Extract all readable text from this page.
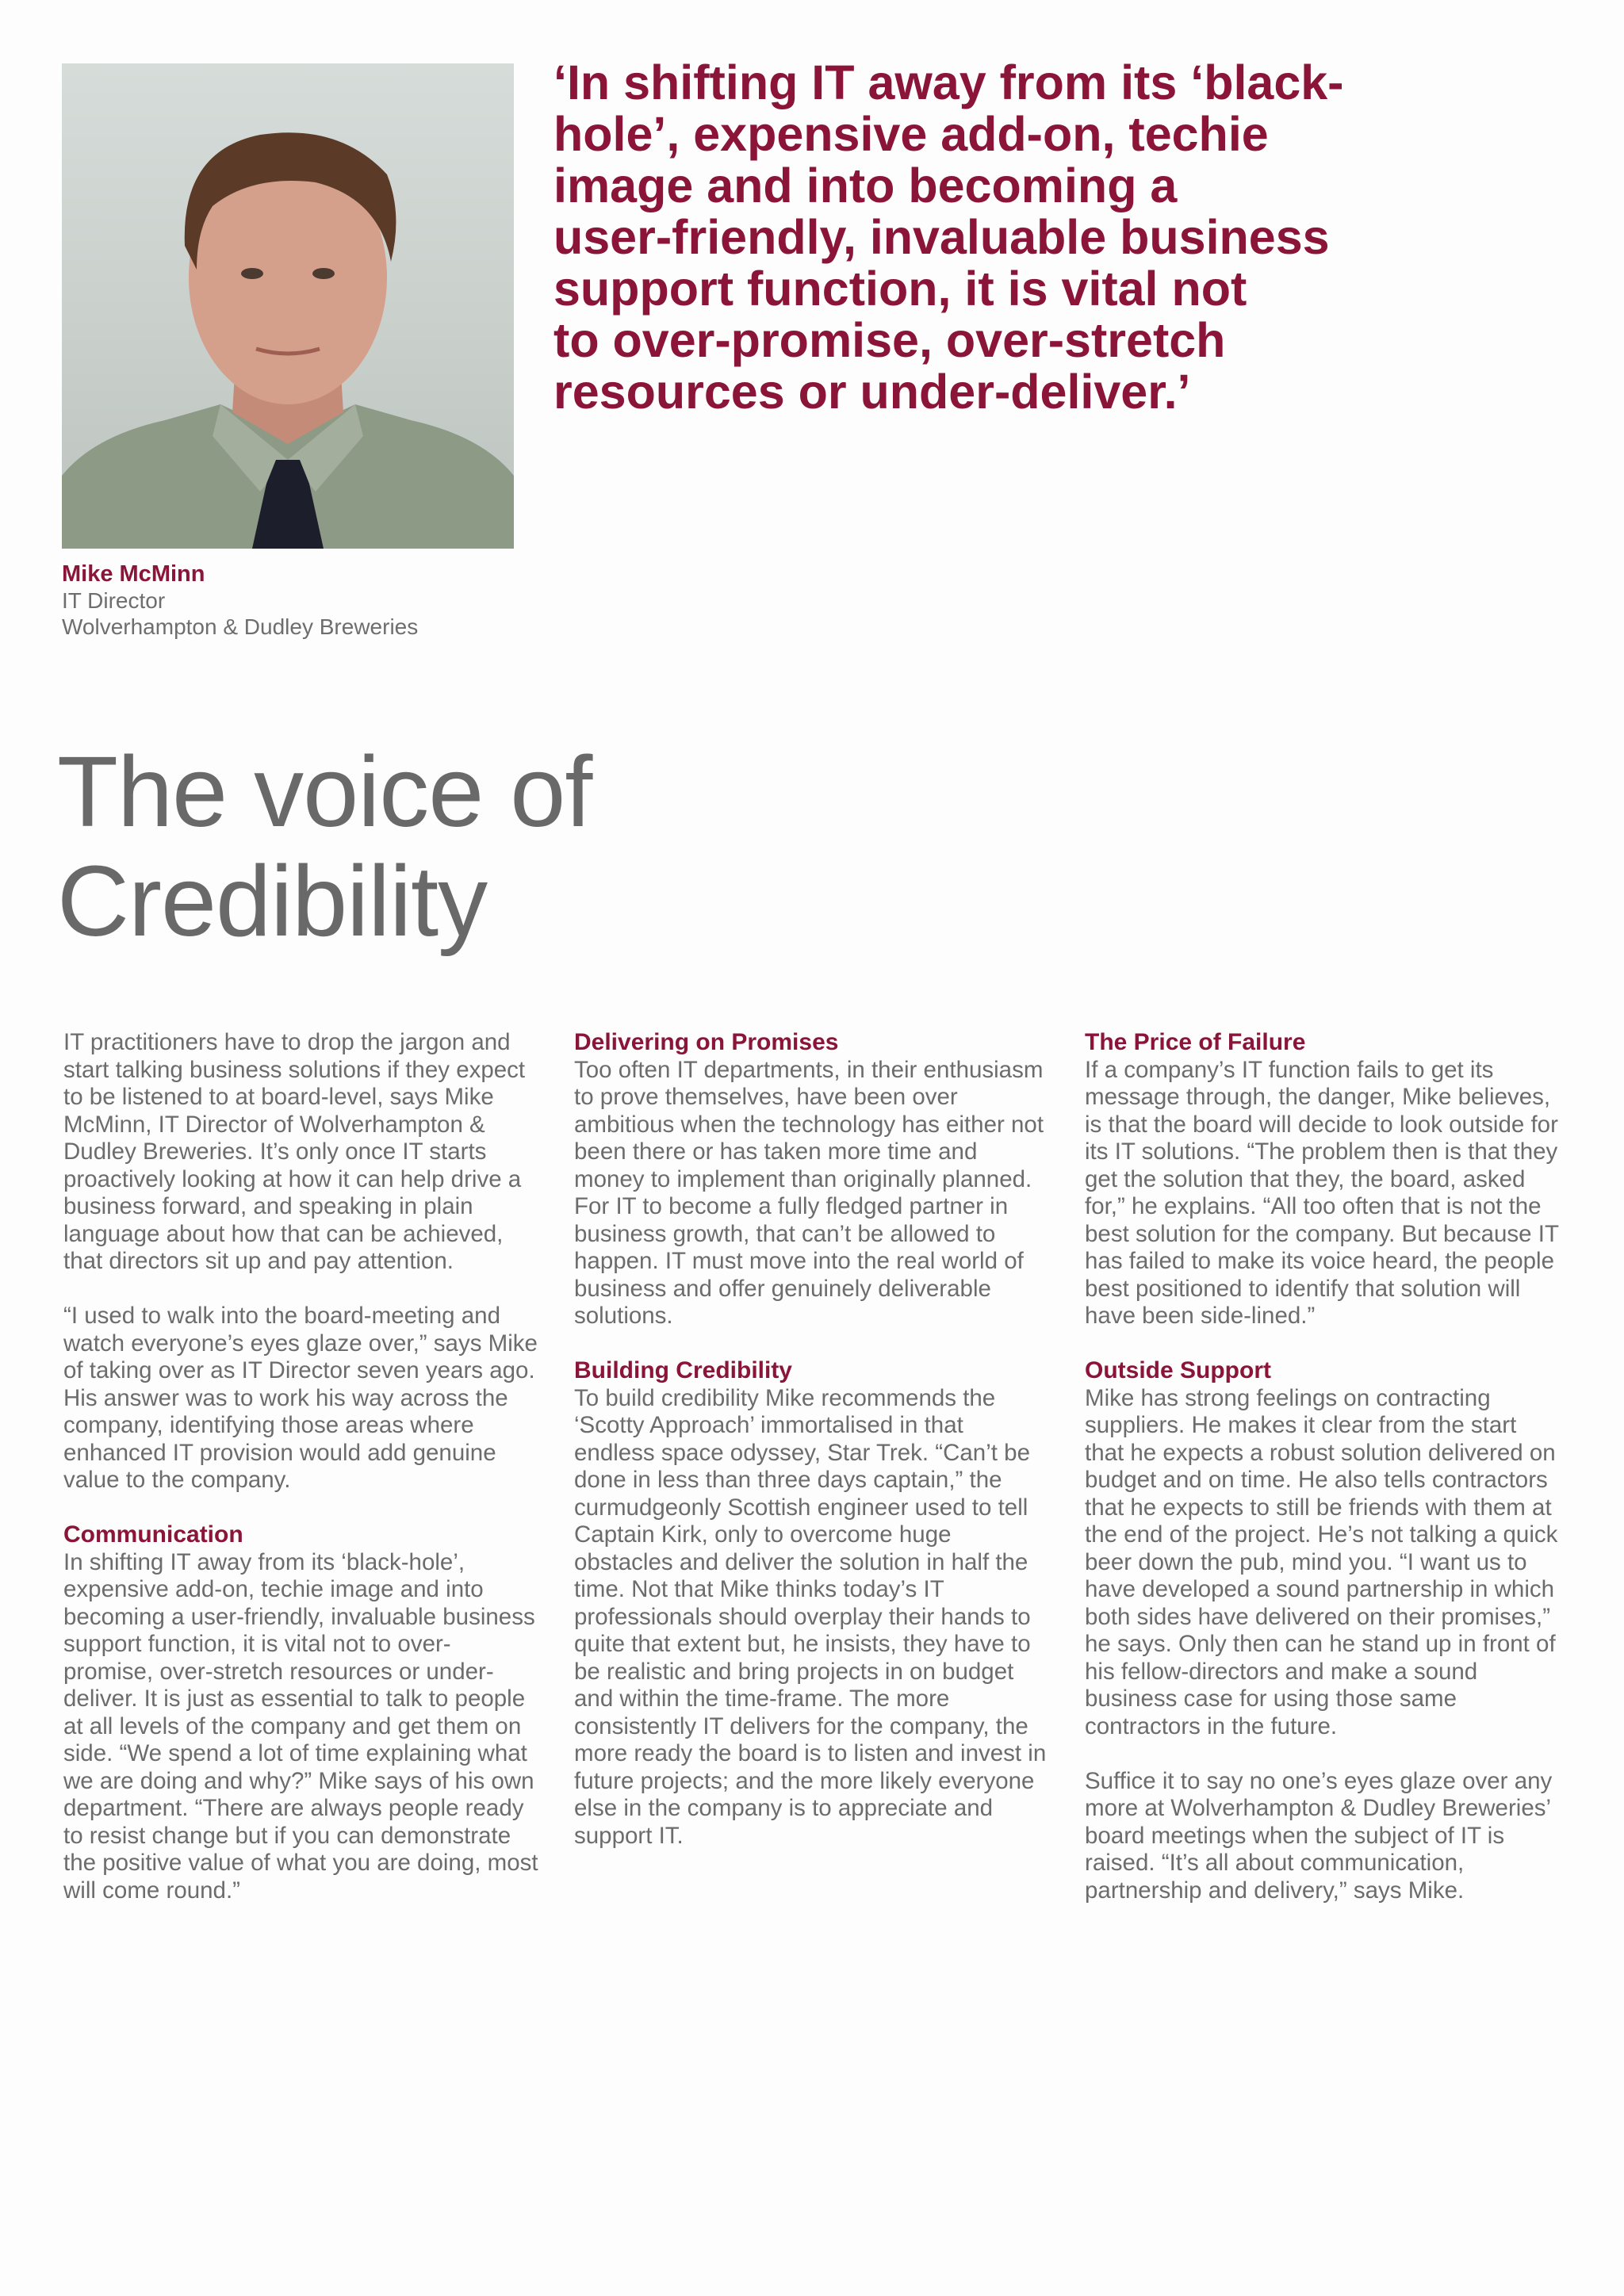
‘In shifting IT away from its ‘black-
hole’, expensive add-on, techie
image and into becoming a
user-friendly, invaluable business
support function, it is vital not
to over-promise, over-stretch
resources or under-deliver.’
Mike McMinn
IT Director
Wolverhampton & Dudley Breweries
The voice of
Credibility

IT practitioners have to drop the jargon and start talking business solutions if they expect to be listened to at board-level, says Mike McMinn, IT Director of Wolverhampton & Dudley Breweries. It’s only once IT starts proactively looking at how it can help drive a business forward, and speaking in plain language about how that can be achieved, that directors sit up and pay attention.

“I used to walk into the board-meeting and watch everyone’s eyes glaze over,” says Mike of taking over as IT Director seven years ago. His answer was to work his way across the company, identifying those areas where enhanced IT provision would add genuine value to the company.

Communication

In shifting IT away from its ‘black-hole’, expensive add-on, techie image and into becoming a user-friendly, invaluable business support function, it is vital not to over-promise, over-stretch resources or under-deliver. It is just as essential to talk to people at all levels of the company and get them on side. “We spend a lot of time explaining what we are doing and why?” Mike says of his own department. “There are always people ready to resist change but if you can demonstrate the positive value of what you are doing, most will come round.”

Delivering on Promises

Too often IT departments, in their enthusiasm to prove themselves, have been over ambitious when the technology has either not been there or has taken more time and money to implement than originally planned. For IT to become a fully fledged partner in business growth, that can’t be allowed to happen. IT must move into the real world of business and offer genuinely deliverable solutions.

Building Credibility

To build credibility Mike recommends the ‘Scotty Approach’ immortalised in that endless space odyssey, Star Trek. “Can’t be done in less than three days captain,” the curmudgeonly Scottish engineer used to tell Captain Kirk, only to overcome huge obstacles and deliver the solution in half the time. Not that Mike thinks today’s IT professionals should overplay their hands to quite that extent but, he insists, they have to be realistic and bring projects in on budget and within the time-frame. The more consistently IT delivers for the company, the more ready the board is to listen and invest in future projects; and the more likely everyone else in the company is to appreciate and support IT.

The Price of Failure

If a company’s IT function fails to get its message through, the danger, Mike believes, is that the board will decide to look outside for its IT solutions. “The problem then is that they get the solution that they, the board, asked for,” he explains. “All too often that is not the best solution for the company. But because IT has failed to make its voice heard, the people best positioned to identify that solution will have been side-lined.”

Outside Support

Mike has strong feelings on contracting suppliers. He makes it clear from the start that he expects a robust solution delivered on budget and on time. He also tells contractors that he expects to still be friends with them at the end of the project. He’s not talking a quick beer down the pub, mind you. “I want us to have developed a sound partnership in which both sides have delivered on their promises,” he says. Only then can he stand up in front of his fellow-directors and make a sound business case for using those same contractors in the future.

Suffice it to say no one’s eyes glaze over any more at Wolverhampton & Dudley Breweries’ board meetings when the subject of IT is raised. “It’s all about communication, partnership and delivery,” says Mike.
